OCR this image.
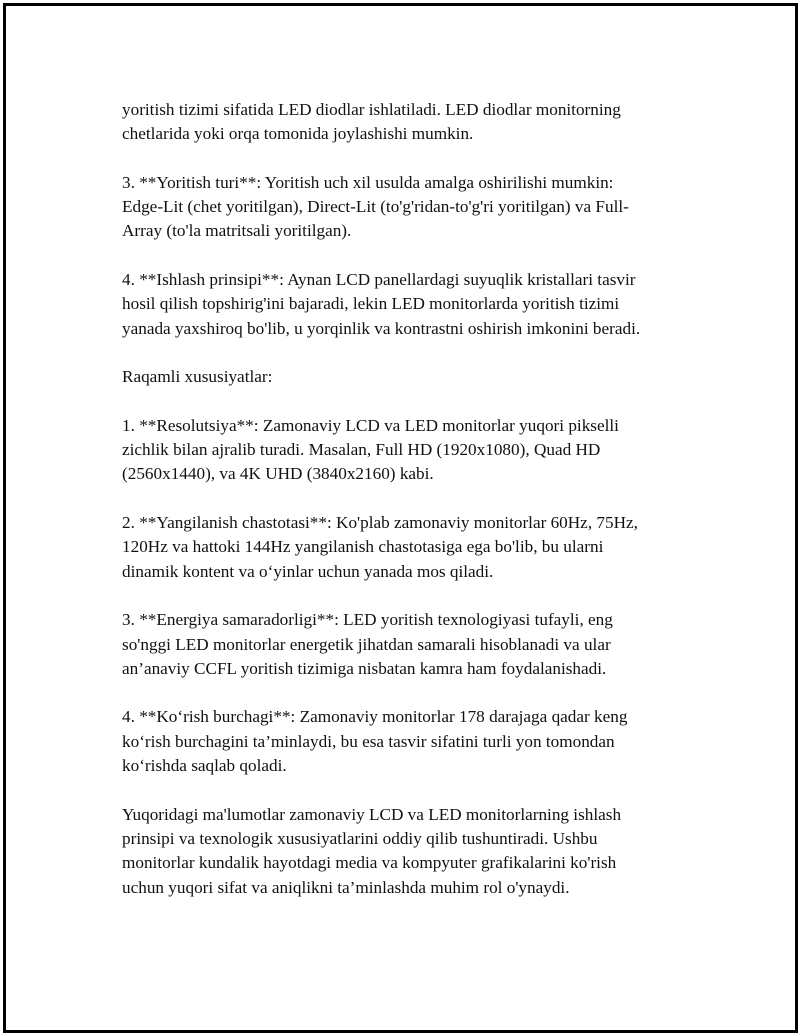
yoritish tizimi sifatida LED diodlar ishlatiladi. LED diodlar monitorning
chetlarida yoki orqa tomonida joylashishi mumkin.

3. **Yoritish turi**: Yoritish uch xil usulda amalga oshirilishi mumkin:
Edge-Lit (chet yoritilgan), Direct-Lit (to'g'ridan-to'g'ri yoritilgan) va Full-
Array (to'la matritsali yoritilgan).

4. **Ishlash prinsipi**: Aynan LCD panellardagi suyuqlik kristallari tasvir
hosil qilish topshirig'ini bajaradi, lekin LED monitorlarda yoritish tizimi
yanada yaxshiroq bo'lib, u yorqinlik va kontrastni oshirish imkonini beradi.

Raqamli xususiyatlar:

1. **Resolutsiya**: Zamonaviy LCD va LED monitorlar yuqori pikselli
zichlik bilan ajralib turadi. Masalan, Full HD (1920x1080), Quad HD
(2560x1440), va 4K UHD (3840x2160) kabi.

2. **Yangilanish chastotasi**: Ko'plab zamonaviy monitorlar 60Hz, 75Hz,
120Hz va hattoki 144Hz yangilanish chastotasiga ega bo'lib, bu ularni
dinamik kontent va o‘yinlar uchun yanada mos qiladi.

3. **Energiya samaradorligi**: LED yoritish texnologiyasi tufayli, eng
so'nggi LED monitorlar energetik jihatdan samarali hisoblanadi va ular
an’anaviy CCFL yoritish tizimiga nisbatan kamra ham foydalanishadi.

4. **Ko‘rish burchagi**: Zamonaviy monitorlar 178 darajaga qadar keng
ko‘rish burchagini ta’minlaydi, bu esa tasvir sifatini turli yon tomondan
ko‘rishda saqlab qoladi.

Yuqoridagi ma'lumotlar zamonaviy LCD va LED monitorlarning ishlash
prinsipi va texnologik xususiyatlarini oddiy qilib tushuntiradi. Ushbu
monitorlar kundalik hayotdagi media va kompyuter grafikalarini ko'rish
uchun yuqori sifat va aniqlikni ta’minlashda muhim rol o'ynaydi.
